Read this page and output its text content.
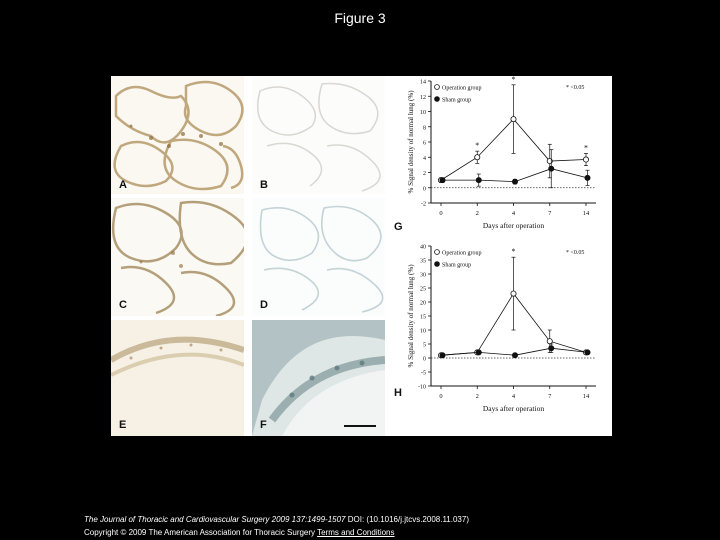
Figure 3
A	B
C	D
E	F
-2
0
2
4
6
8
10
12
14
0	2	4	7	14
Days after operation
% Signal density of normal lung (%)	*
*
*
Operation group
Sham group
* <0.05
G
-10
-5
0
5
10
15
20
25
30
35
40
0	2	4	7	14
Days after operation
% Signal density of normal lung (%)
*
Operation group
Sham group
* <0.05
H
The Journal of Thoracic and Cardiovascular Surgery 2009 137:1499-1507 DOI: (10.1016/j.jtcvs.2008.11.037)
Copyright © 2009 The American Association for Thoracic Surgery Terms and Conditions
